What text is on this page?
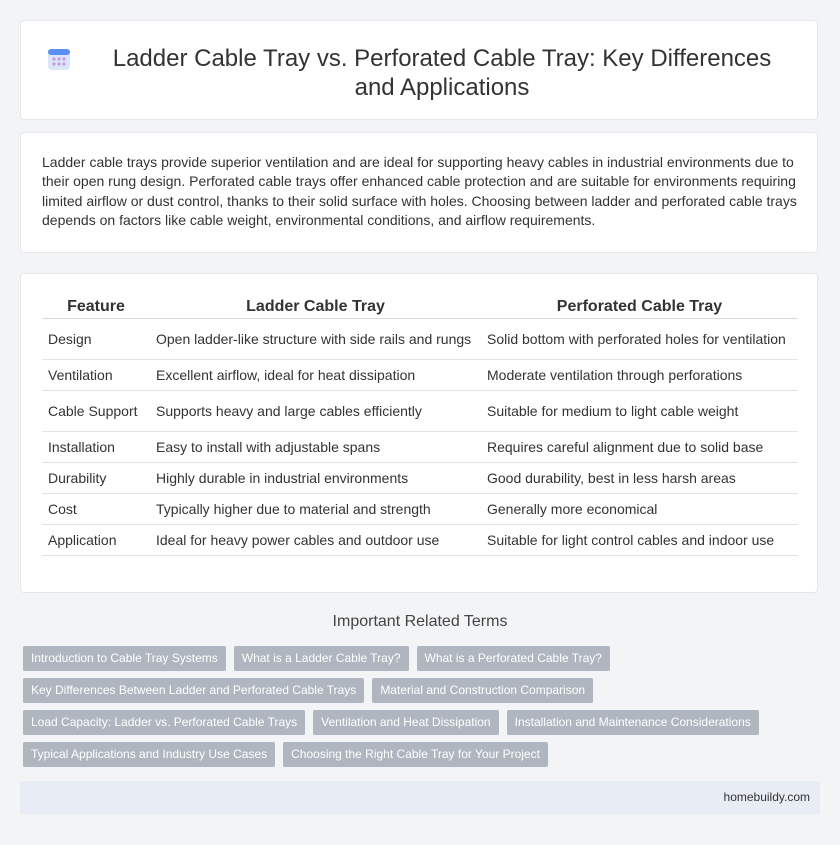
Ladder Cable Tray vs. Perforated Cable Tray: Key Differences and Applications

Ladder cable trays provide superior ventilation and are ideal for supporting heavy cables in industrial environments due to their open rung design. Perforated cable trays offer enhanced cable protection and are suitable for environments requiring limited airflow or dust control, thanks to their solid surface with holes. Choosing between ladder and perforated cable trays depends on factors like cable weight, environmental conditions, and airflow requirements.

Feature	Ladder Cable Tray	Perforated Cable Tray
Design	Open ladder-like structure with side rails and rungs	Solid bottom with perforated holes for ventilation
Ventilation	Excellent airflow, ideal for heat dissipation	Moderate ventilation through perforations
Cable Support	Supports heavy and large cables efficiently	Suitable for medium to light cable weight
Installation	Easy to install with adjustable spans	Requires careful alignment due to solid base
Durability	Highly durable in industrial environments	Good durability, best in less harsh areas
Cost	Typically higher due to material and strength	Generally more economical
Application	Ideal for heavy power cables and outdoor use	Suitable for light control cables and indoor use
Important Related Terms
Introduction to Cable Tray Systems	What is a Ladder Cable Tray?	What is a Perforated Cable Tray?
Key Differences Between Ladder and Perforated Cable Trays	Material and Construction Comparison
Load Capacity: Ladder vs. Perforated Cable Trays	Ventilation and Heat Dissipation	Installation and Maintenance Considerations
Typical Applications and Industry Use Cases	Choosing the Right Cable Tray for Your Project
homebuildy.com
